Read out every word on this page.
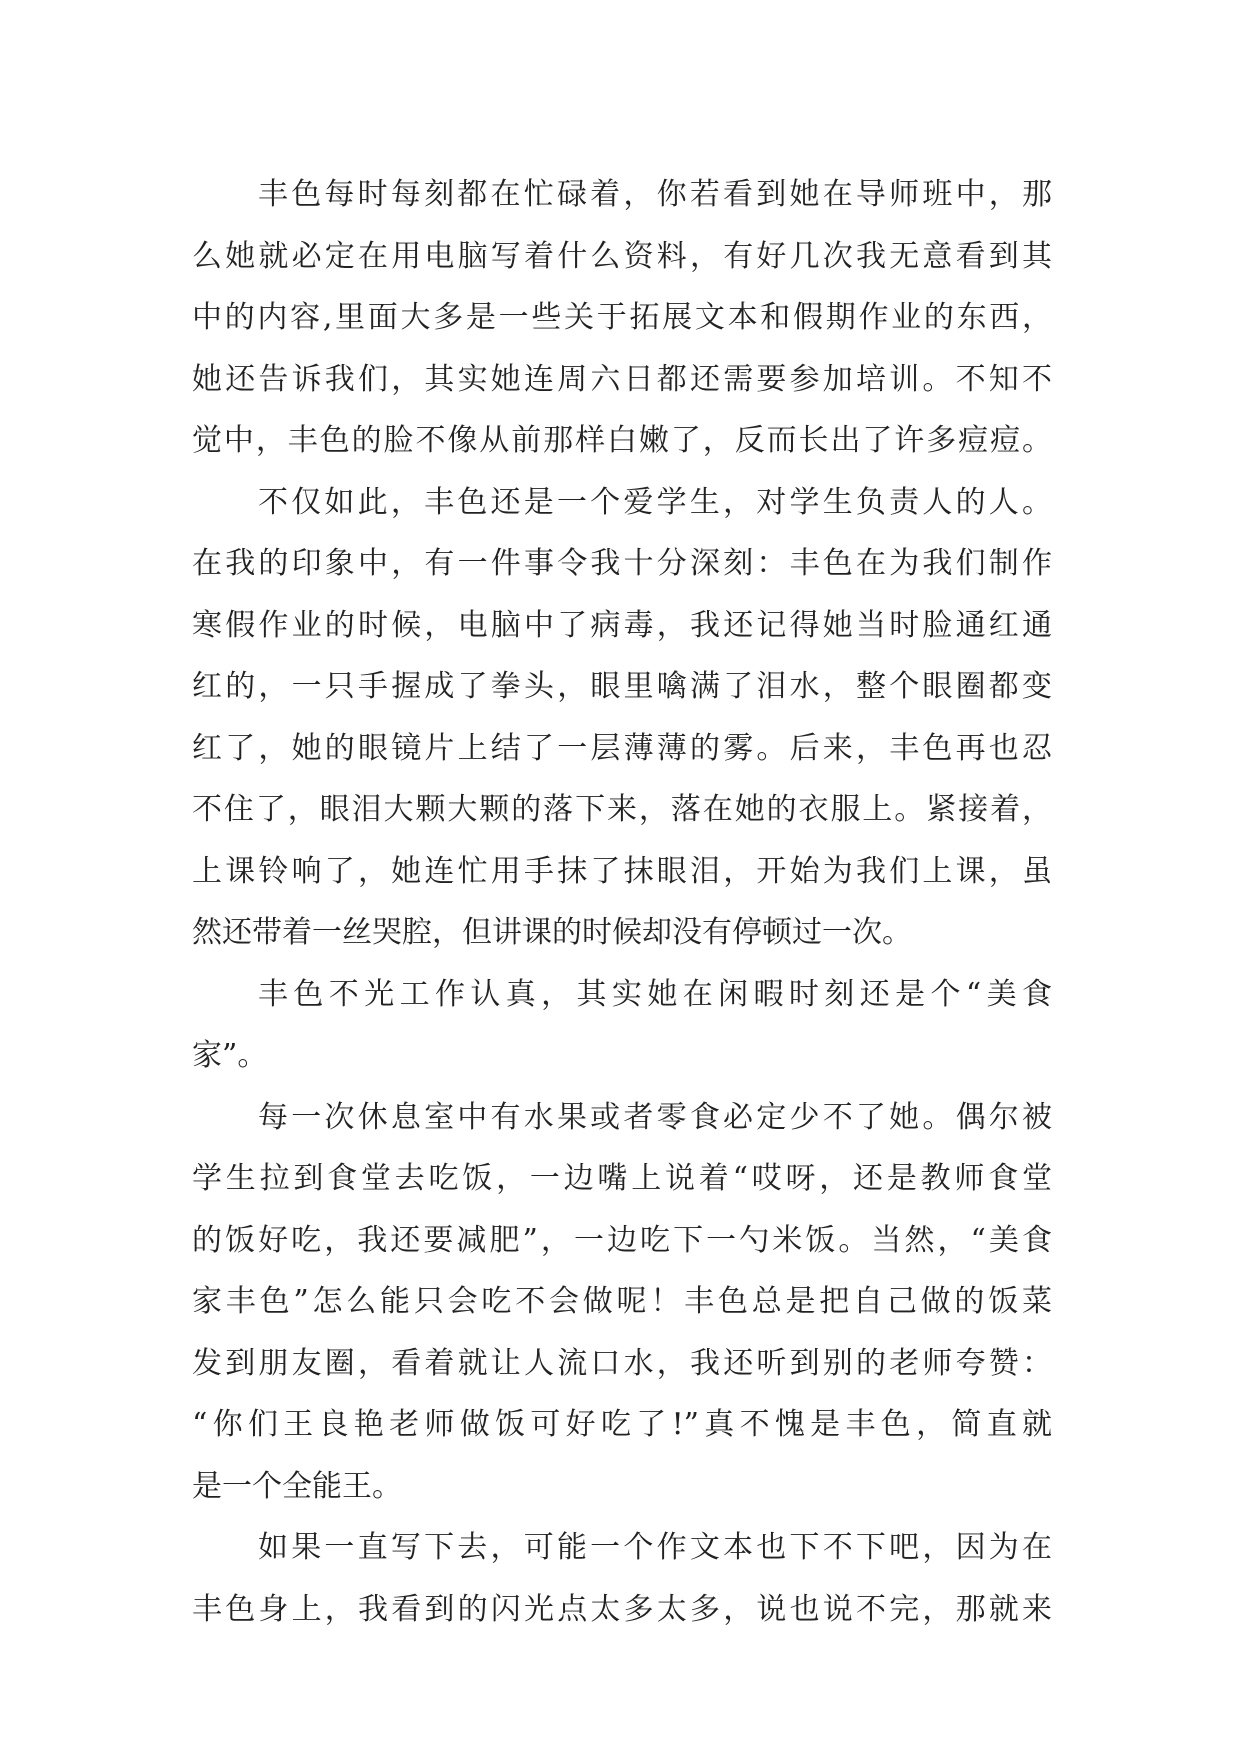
丰色每时每刻都在忙碌着，你若看到她在导师班中，那
么她就必定在用电脑写着什么资料，有好几次我无意看到其
中的内容,里面大多是一些关于拓展文本和假期作业的东西，
她还告诉我们，其实她连周六日都还需要参加培训。不知不
觉中，丰色的脸不像从前那样白嫩了，反而长出了许多痘痘。
不仅如此，丰色还是一个爱学生，对学生负责人的人。
在我的印象中，有一件事令我十分深刻：丰色在为我们制作
寒假作业的时候，电脑中了病毒，我还记得她当时脸通红通
红的，一只手握成了拳头，眼里噙满了泪水，整个眼圈都变
红了，她的眼镜片上结了一层薄薄的雾。后来，丰色再也忍
不住了，眼泪大颗大颗的落下来，落在她的衣服上。紧接着，
上课铃响了，她连忙用手抹了抹眼泪，开始为我们上课，虽
然还带着一丝哭腔，但讲课的时候却没有停顿过一次。
丰色不光工作认真，其实她在闲暇时刻还是个“美食
家”。
每一次休息室中有水果或者零食必定少不了她。偶尔被
学生拉到食堂去吃饭，一边嘴上说着“哎呀，还是教师食堂
的饭好吃，我还要减肥”，一边吃下一勺米饭。当然，“美食
家丰色”怎么能只会吃不会做呢！丰色总是把自己做的饭菜
发到朋友圈，看着就让人流口水，我还听到别的老师夸赞：
“你们王良艳老师做饭可好吃了!”真不愧是丰色，简直就
是一个全能王。
如果一直写下去，可能一个作文本也下不下吧，因为在
丰色身上，我看到的闪光点太多太多，说也说不完，那就来
